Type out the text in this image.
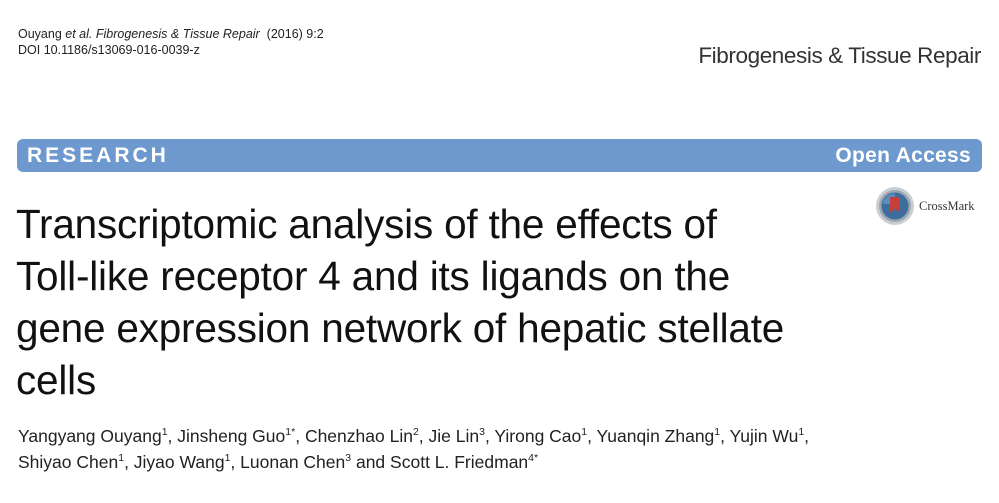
Ouyang et al. Fibrogenesis & Tissue Repair (2016) 9:2
DOI 10.1186/s13069-016-0039-z	Fibrogenesis & Tissue Repair
RESEARCH	Open Access
CrossMark
Transcriptomic analysis of the effects of
Toll-like receptor 4 and its ligands on the
gene expression network of hepatic stellate
cells
Yangyang Ouyang$^1$, Jinsheng Guo$^{1*}$, Chenzhao Lin$^2$, Jie Lin$^3$, Yirong Cao$^1$, Yuanqin Zhang$^1$, Yujin Wu$^1$,
Shiyao Chen$^1$, Jiyao Wang$^1$, Luonan Chen$^3$ and Scott L. Friedman$^{4*}$
